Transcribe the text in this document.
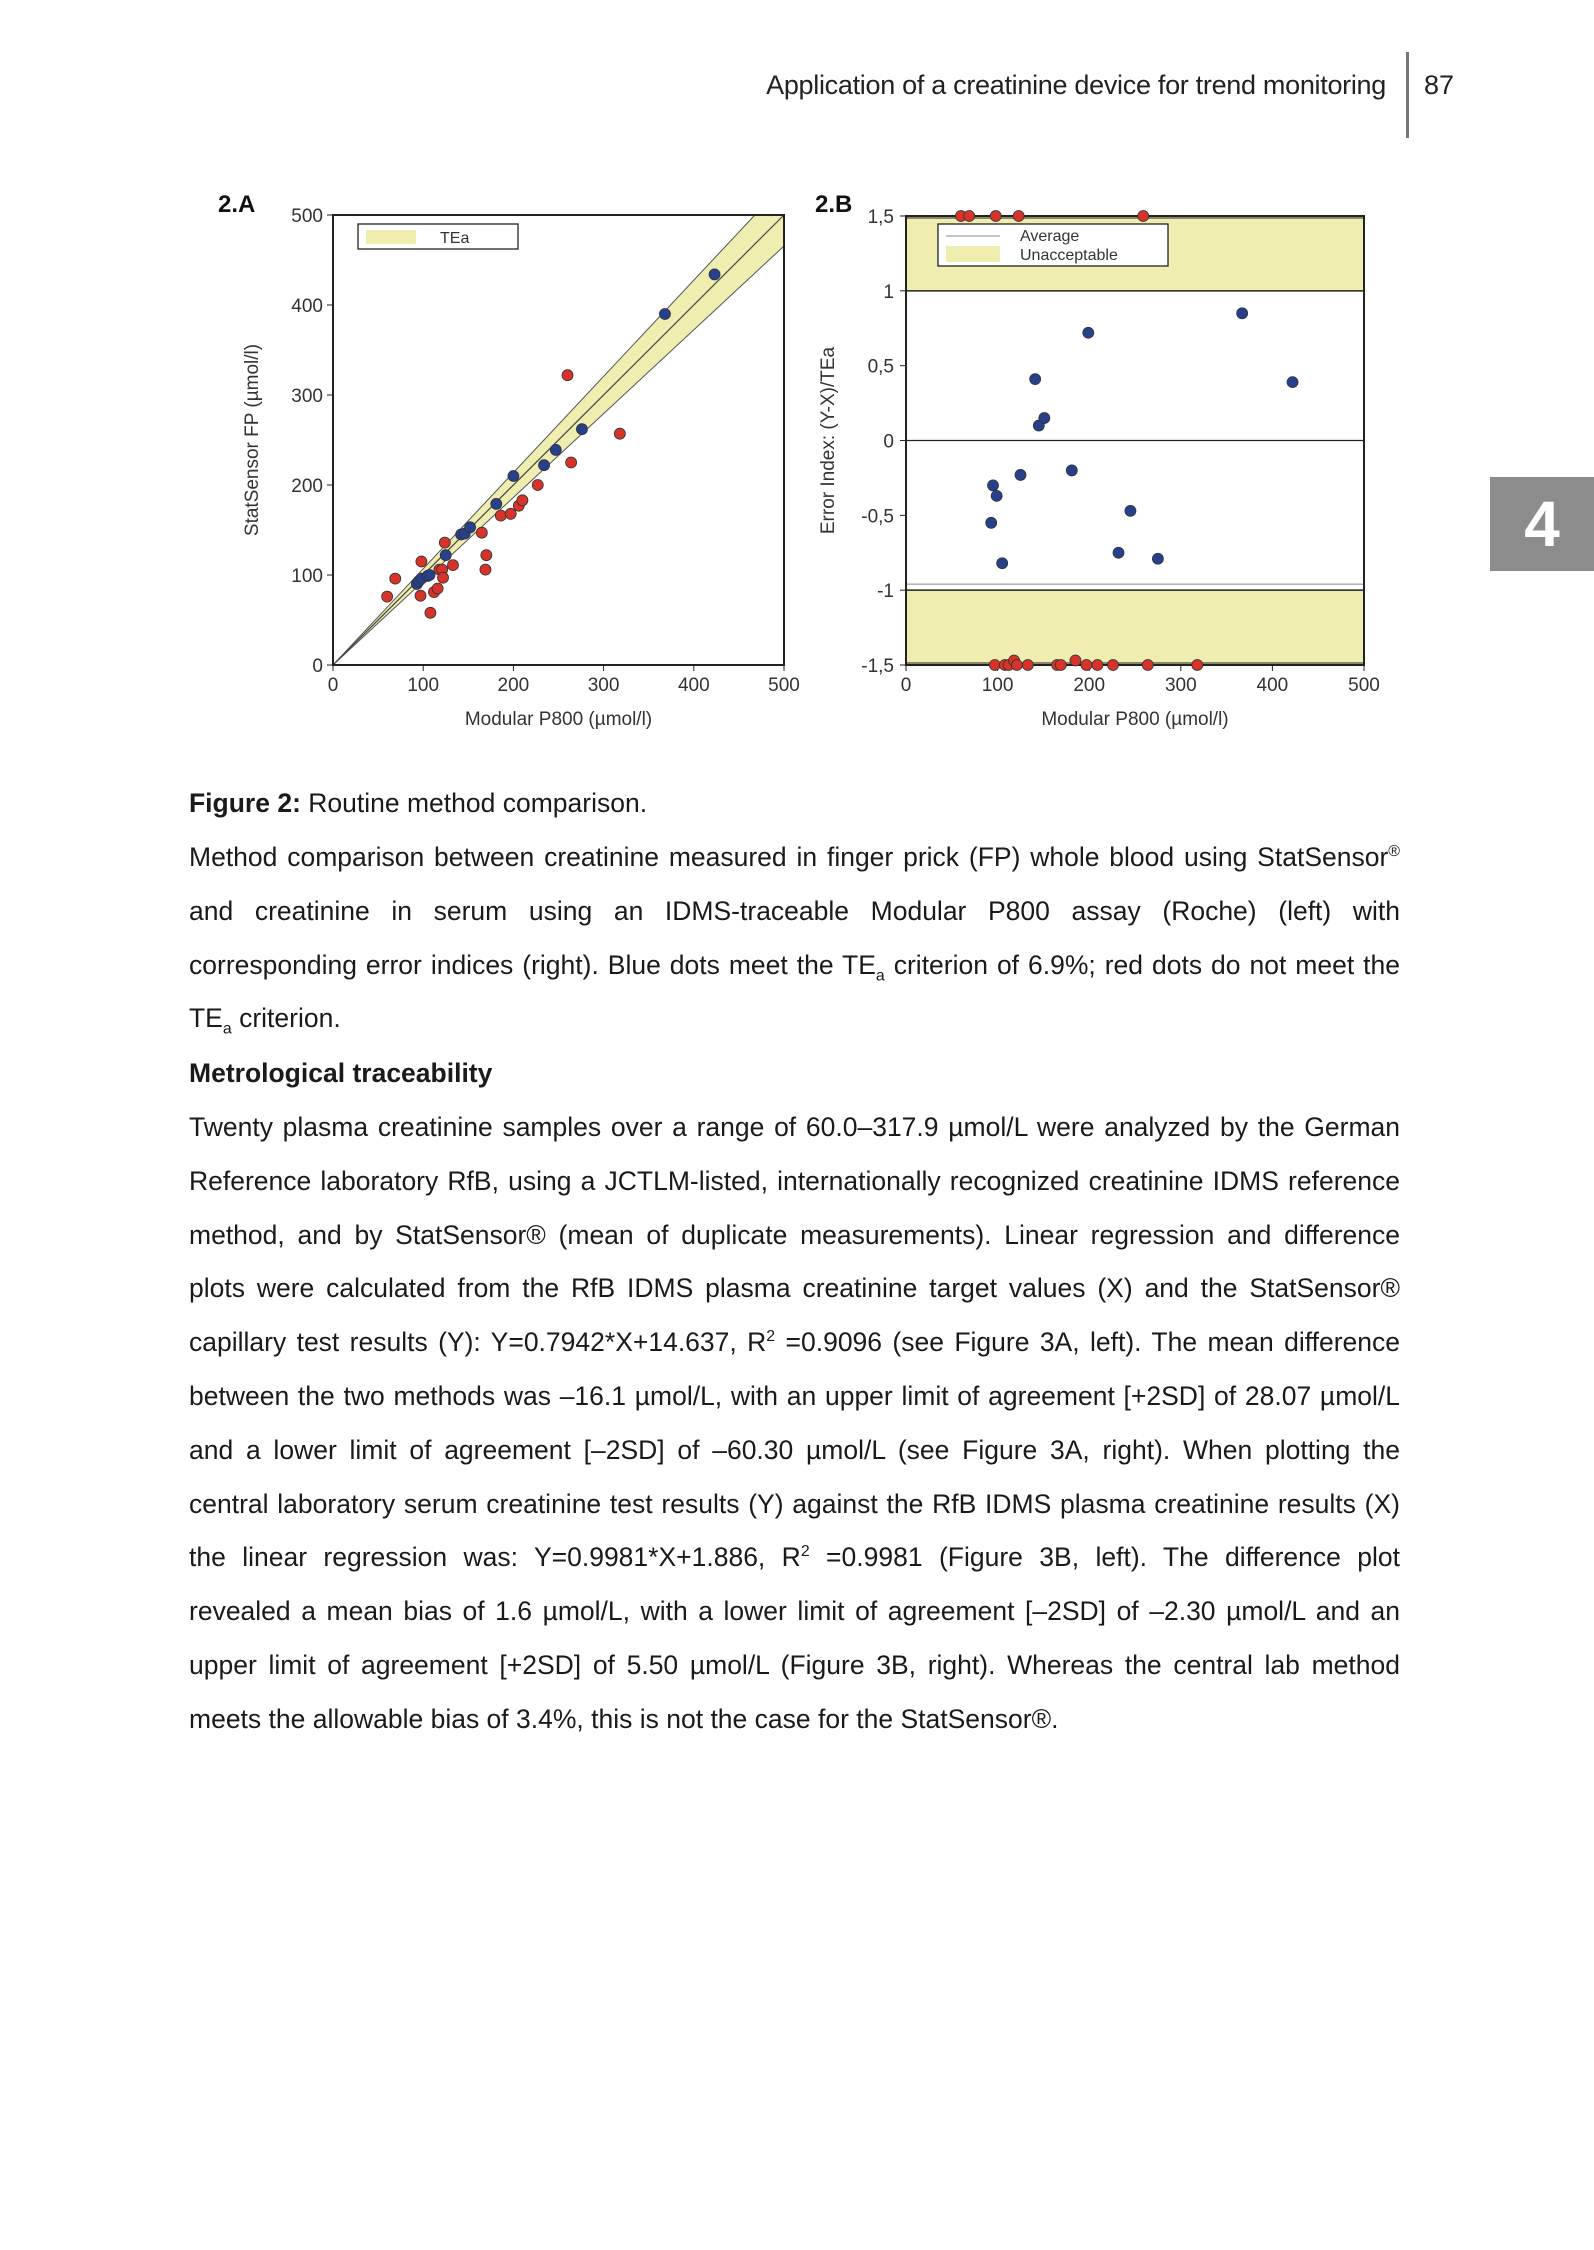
Application of a creatinine device for trend monitoring 87
4
2.A
0	100	200	300	400	500
0
100
200
300
400
500
Modular P800 (µmol/l)
StatSensor FP (µmol/l)
TEa
2.B
0	100	200	300	400	500
-1,5
-1
-0,5
0
0,5
1
1,5
Modular P800 (µmol/l)
Error Index: (Y-X)/TEa
Average
Unacceptable
Figure 2: Routine method comparison.
Method comparison between creatinine measured in finger prick (FP) whole blood using StatSensor® and creatinine in serum using an IDMS-traceable Modular P800 assay (Roche) (left) with corresponding error indices (right). Blue dots meet the $TE_a$ criterion of 6.9%; red dots do not meet the $TE_a$ criterion.
Metrological traceability
Twenty plasma creatinine samples over a range of 60.0–317.9 µmol/L were analyzed by the German Reference laboratory RfB, using a JCTLM-listed, internationally recognized creatinine IDMS reference method, and by StatSensor® (mean of duplicate measurements). Linear regression and difference plots were calculated from the RfB IDMS plasma creatinine target values (X) and the StatSensor® capillary test results (Y): Y=0.7942*X+14.637, $R^2 =0.9096$ (see Figure 3A, left). The mean difference between the two methods was –16.1 µmol/L, with an upper limit of agreement [+2SD] of 28.07 µmol/L and a lower limit of agreement [–2SD] of –60.30 µmol/L (see Figure 3A, right). When plotting the central laboratory serum creatinine test results (Y) against the RfB IDMS plasma creatinine results (X) the linear regression was: Y=0.9981*X+1.886, $R^2 =0.9981$ (Figure 3B, left). The difference plot revealed a mean bias of 1.6 µmol/L, with a lower limit of agreement [–2SD] of –2.30 µmol/L and an upper limit of agreement [+2SD] of 5.50 µmol/L (Figure 3B, right). Whereas the central lab method meets the allowable bias of 3.4%, this is not the case for the StatSensor®.
